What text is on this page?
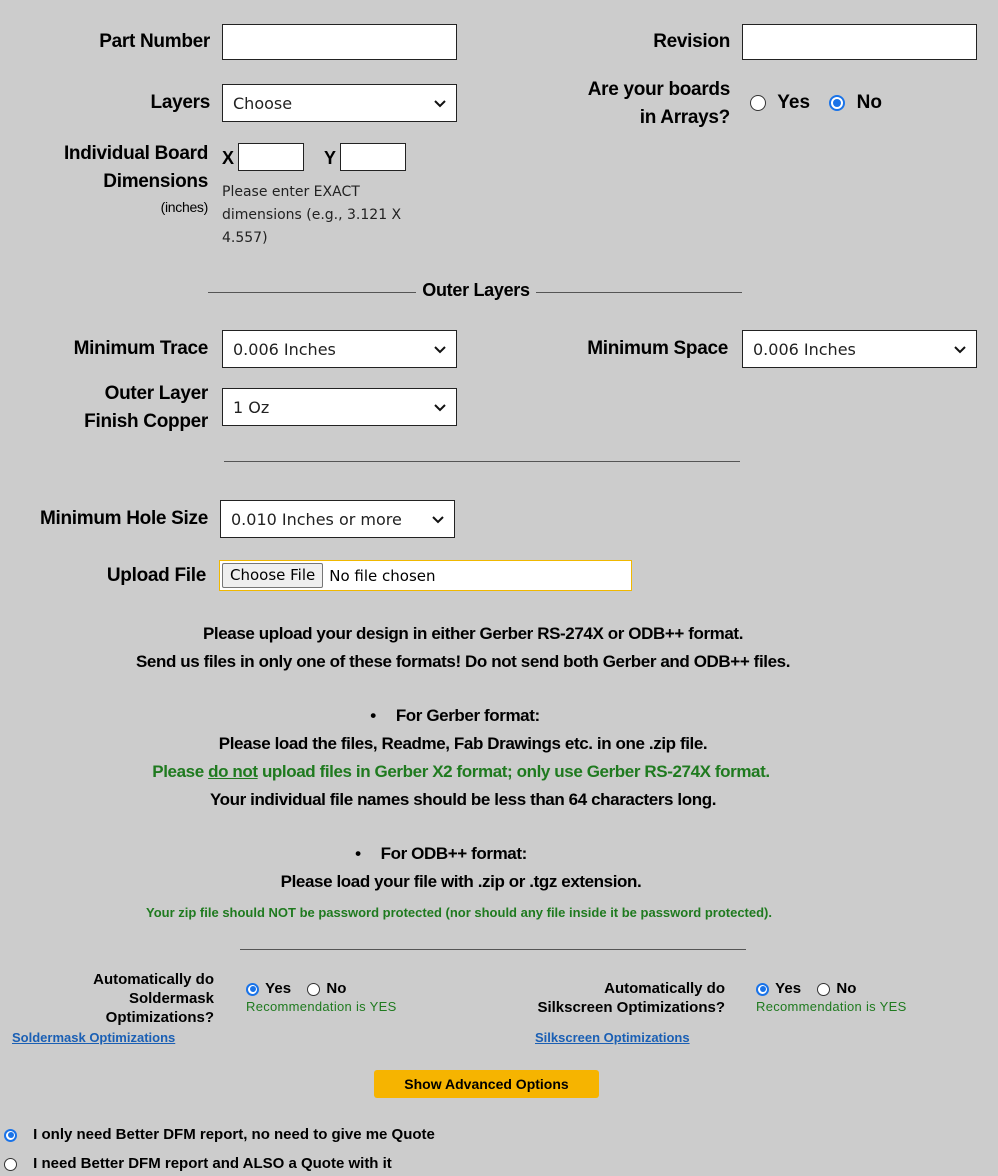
Part Number	Revision
Layers Choose
Are your boards
in Arrays?
Yes No
Individual Board
Dimensions
(inches)
X	Y
Please enter EXACT
dimensions (e.g., 3.121 X
4.557)
Outer Layers
Minimum Trace 0.006 Inches	Minimum Space 0.006 Inches
Outer Layer
Finish Copper
1 Oz
Minimum Hole Size 0.010 Inches or more
Upload File	Choose File No file chosen
Please upload your design in either Gerber RS-274X or ODB++ format.
Send us files in only one of these formats! Do not send both Gerber and ODB++ files.
• For Gerber format:
Please load the files, Readme, Fab Drawings etc. in one .zip file.
Please do not upload files in Gerber X2 format; only use Gerber RS-274X format.
Your individual file names should be less than 64 characters long.
• For ODB++ format:
Please load your file with .zip or .tgz extension.
Your zip file should NOT be password protected (nor should any file inside it be password protected).
Automatically do
Soldermask
Optimizations?
Yes No
Recommendation is YES
Soldermask Optimizations
Automatically do
Silkscreen Optimizations?
Yes No
Recommendation is YES
Silkscreen Optimizations
Show Advanced Options
I only need Better DFM report, no need to give me Quote
I need Better DFM report and ALSO a Quote with it
